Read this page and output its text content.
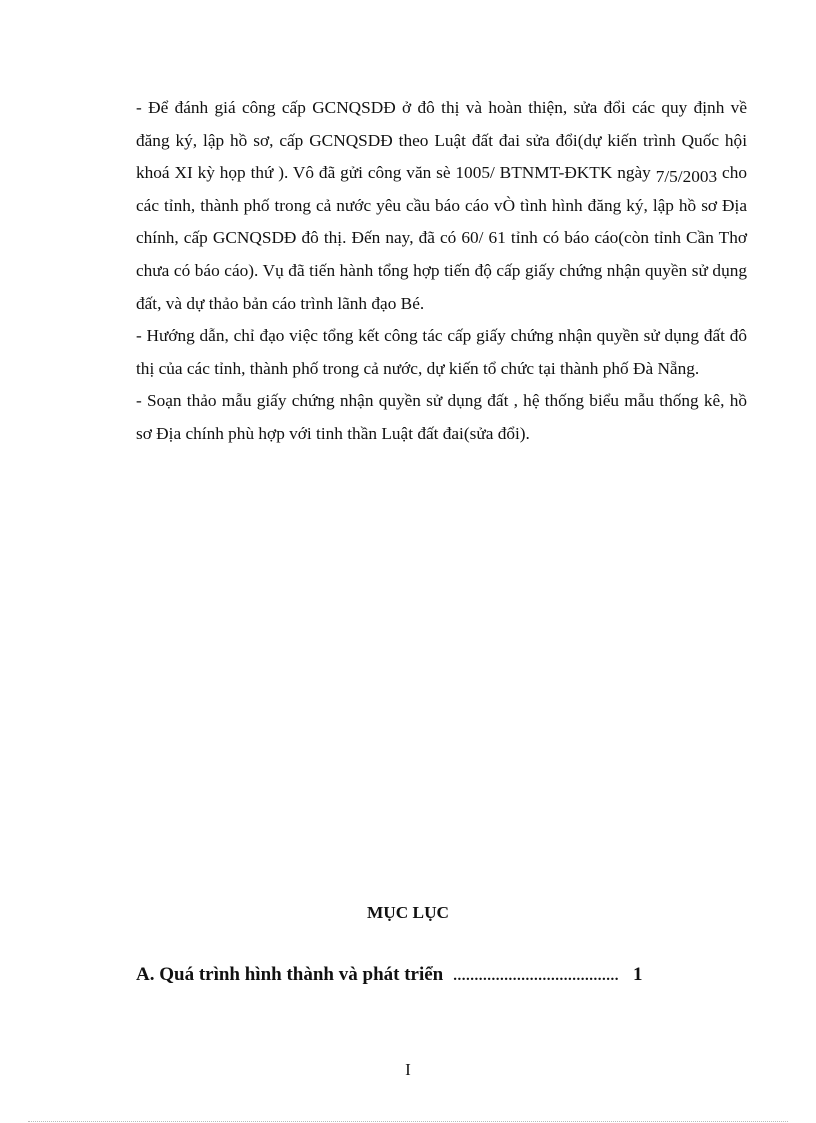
- Để đánh giá công cấp GCNQSDĐ ở đô thị và hoàn thiện, sửa đổi các quy định về đăng ký, lập hồ sơ, cấp GCNQSDĐ theo Luật đất đai sửa đổi(dự kiến trình Quốc hội khoá XI kỳ họp thứ ). Vô đã gửi công văn sè 1005/ BTNMT-ĐKTK ngày 7/5/2003 cho các tỉnh, thành phố trong cả nước yêu cầu báo cáo vÒ tình hình đăng ký, lập hồ sơ Địa chính, cấp GCNQSDĐ đô thị. Đến nay, đã có 60/ 61 tỉnh có báo cáo(còn tỉnh Cần Thơ chưa có báo cáo). Vụ đã tiến hành tổng hợp tiến độ cấp giấy chứng nhận quyền sử dụng đất, và dự thảo bản cáo trình lãnh đạo Bé.

- Hướng dẫn, chỉ đạo việc tổng kết công tác cấp giấy chứng nhận quyền sử dụng đất đô thị của các tỉnh, thành phố trong cả nước, dự kiến tổ chức tại thành phố Đà Nẵng.

- Soạn thảo mẫu giấy chứng nhận quyền sử dụng đất , hệ thống biểu mẫu thống kê, hồ sơ Địa chính phù hợp với tinh thần Luật đất đai(sửa đổi).

MỤC LỤC
A. Quá trình hình thành và phát triển ....................................... 1
I
